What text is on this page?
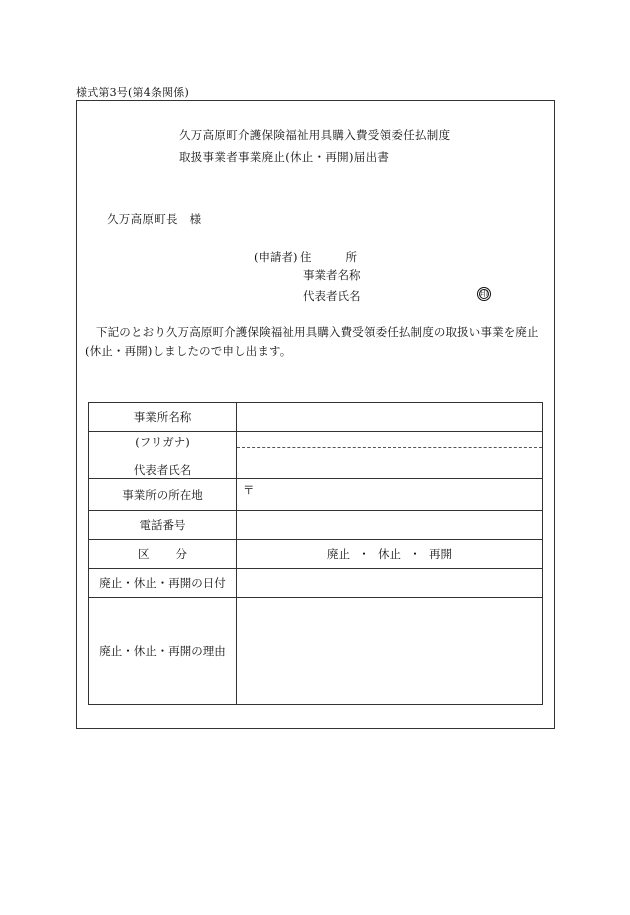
様式第3号(第4条関係)
久万高原町介護保険福祉用具購入費受領委任払制度
取扱事業者事業廃止(休止・再開)届出書
久万高原町長　様
(申請者) 住	所
事業者名称
代表者氏名	印
下記のとおり久万高原町介護保険福祉用具購入費受領委任払制度の取扱い事業を廃止(休止・再開)しましたので申し出ます。
事業所名称	

(フリガナ)
代表者氏名	

事業所の所在地	〒

電話番号	
区 分	廃止 ・ 休止 ・ 再開
廃止・休止・再開の日付	
廃止・休止・再開の理由	
